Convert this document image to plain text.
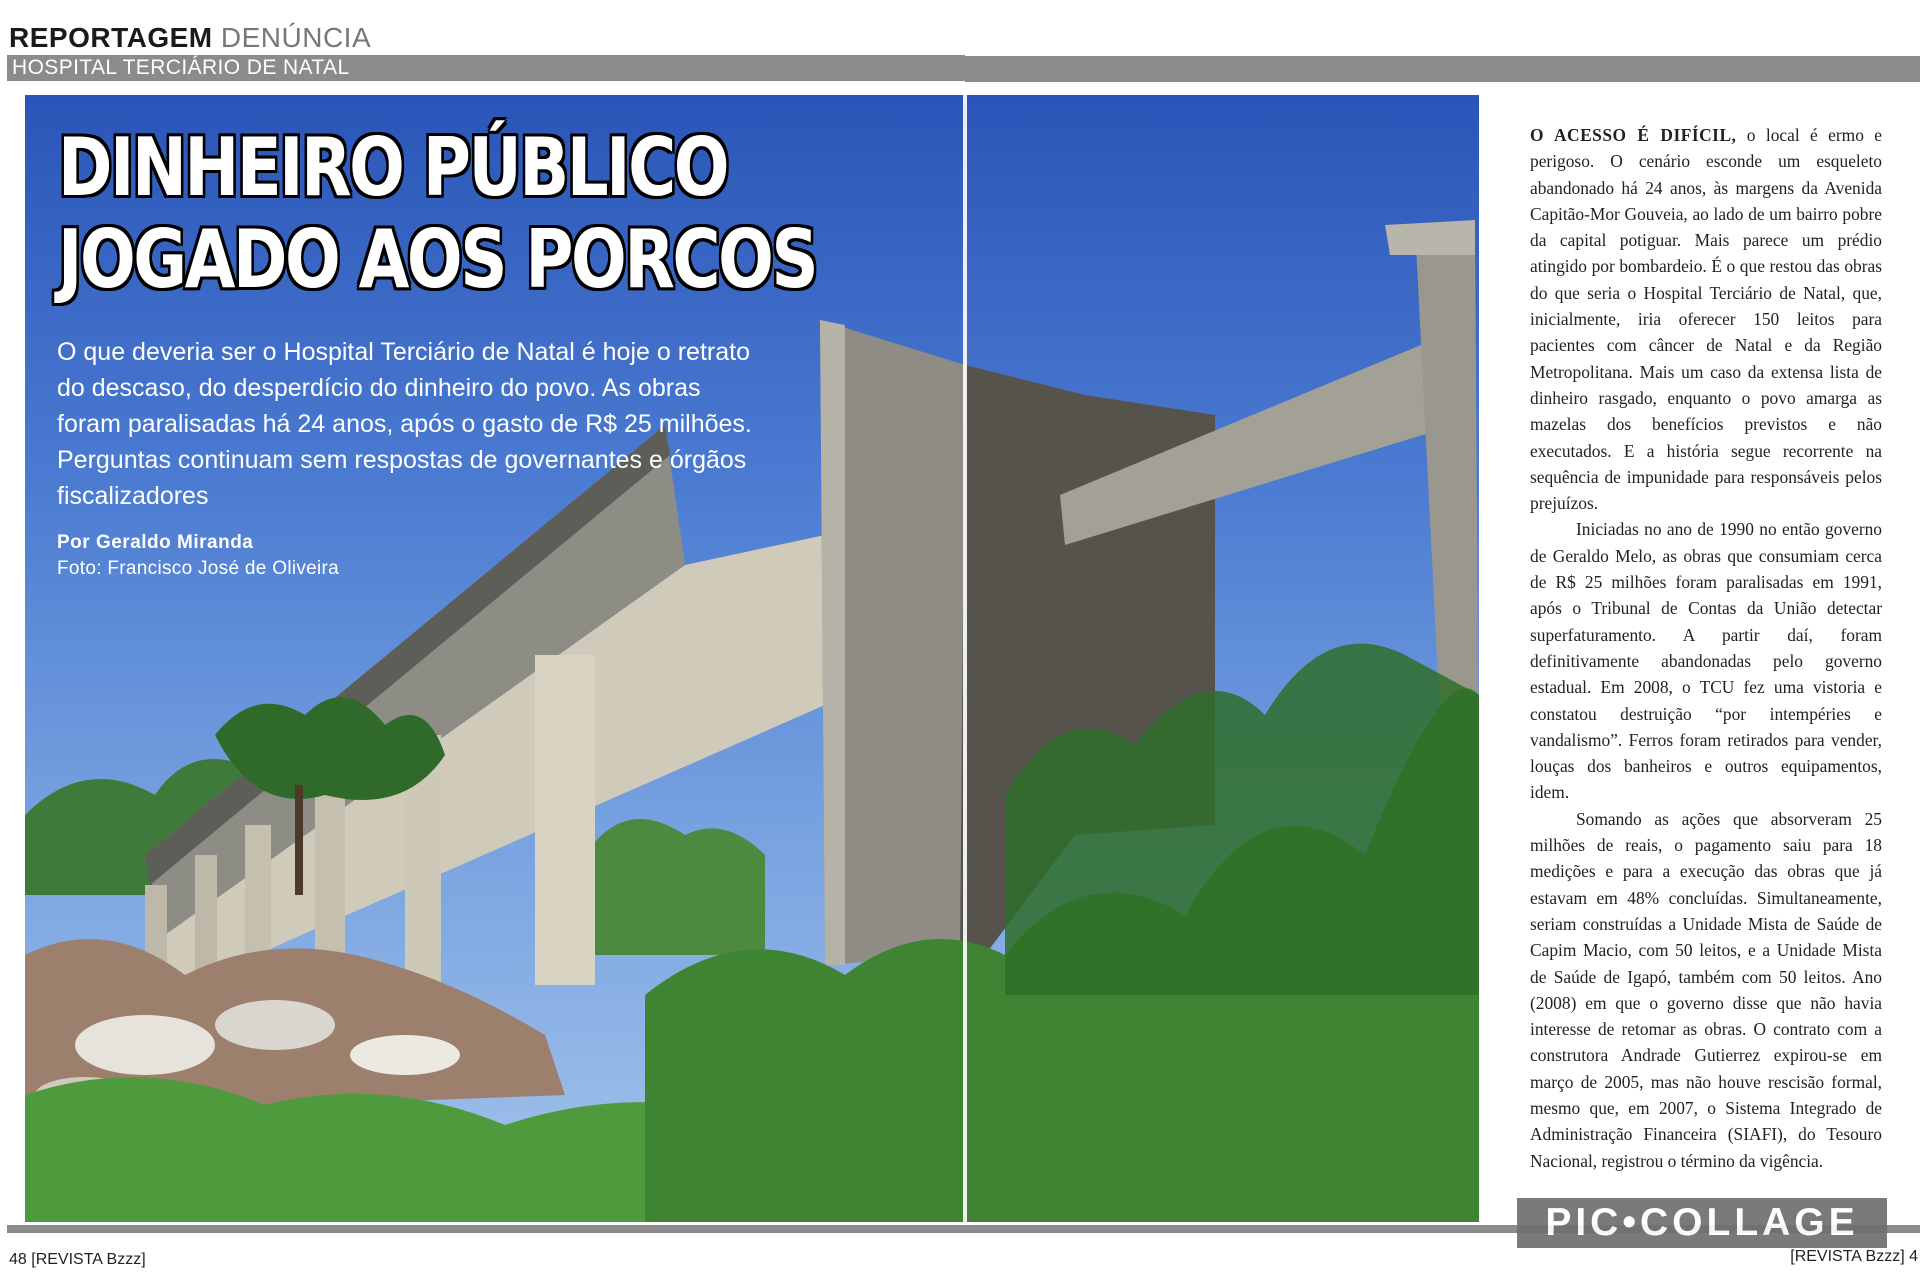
REPORTAGEM DENÚNCIA
HOSPITAL TERCIÁRIO DE NATAL
DINHEIRO PÚBLICO
JOGADO AOS PORCOS
O que deveria ser o Hospital Terciário de Natal é hoje o retrato do descaso, do desperdício do dinheiro do povo. As obras foram paralisadas há 24 anos, após o gasto de R$ 25 milhões. Perguntas continuam sem respostas de governantes e órgãos fiscalizadores
Por Geraldo Miranda
Foto: Francisco José de Oliveira

O ACESSO É DIFÍCIL, o local é ermo e perigoso. O cenário esconde um esqueleto abandonado há 24 anos, às margens da Avenida Capitão-Mor Gouveia, ao lado de um bairro pobre da capital potiguar. Mais parece um prédio atingido por bombardeio. É o que restou das obras do que seria o Hospital Terciário de Natal, que, inicialmente, iria oferecer 150 leitos para pacientes com câncer de Natal e da Região Metropolitana. Mais um caso da extensa lista de dinheiro rasgado, enquanto o povo amarga as mazelas dos benefícios previstos e não executados. E a história segue recorrente na sequência de impunidade para responsáveis pelos prejuízos.

Iniciadas no ano de 1990 no então governo de Geraldo Melo, as obras que consumiam cerca de R$ 25 milhões foram paralisadas em 1991, após o Tribunal de Contas da União detectar superfaturamento. A partir daí, foram definitivamente abandonadas pelo governo estadual. Em 2008, o TCU fez uma vistoria e constatou destruição “por intempéries e vandalismo”. Ferros foram retirados para vender, louças dos banheiros e outros equipamentos, idem.

Somando as ações que absorveram 25 milhões de reais, o pagamento saiu para 18 medições e para a execução das obras que já estavam em 48% concluídas. Simultaneamente, seriam construídas a Unidade Mista de Saúde de Capim Macio, com 50 leitos, e a Unidade Mista de Saúde de Igapó, também com 50 leitos. Ano (2008) em que o governo disse que não havia interesse de retomar as obras. O contrato com a construtora Andrade Gutierrez expirou-se em março de 2005, mas não houve rescisão formal, mesmo que, em 2007, o Sistema Integrado de Administração Financeira (SIAFI), do Tesouro Nacional, registrou o término da vigência.

PIC•COLLAGE
48 [REVISTA Bzzz]	[REVISTA Bzzz] 4
